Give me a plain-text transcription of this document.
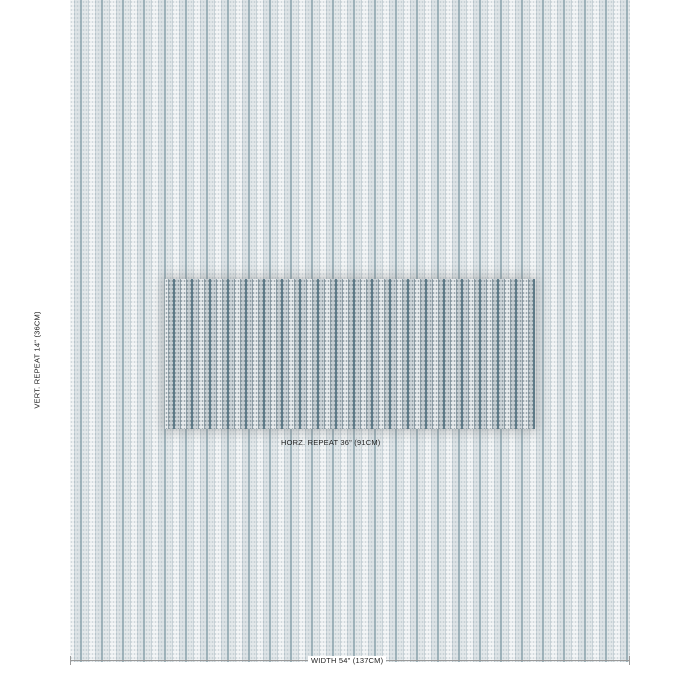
HORZ. REPEAT 36" (91CM)
VERT. REPEAT 14" (36CM)
WIDTH 54" (137CM)
